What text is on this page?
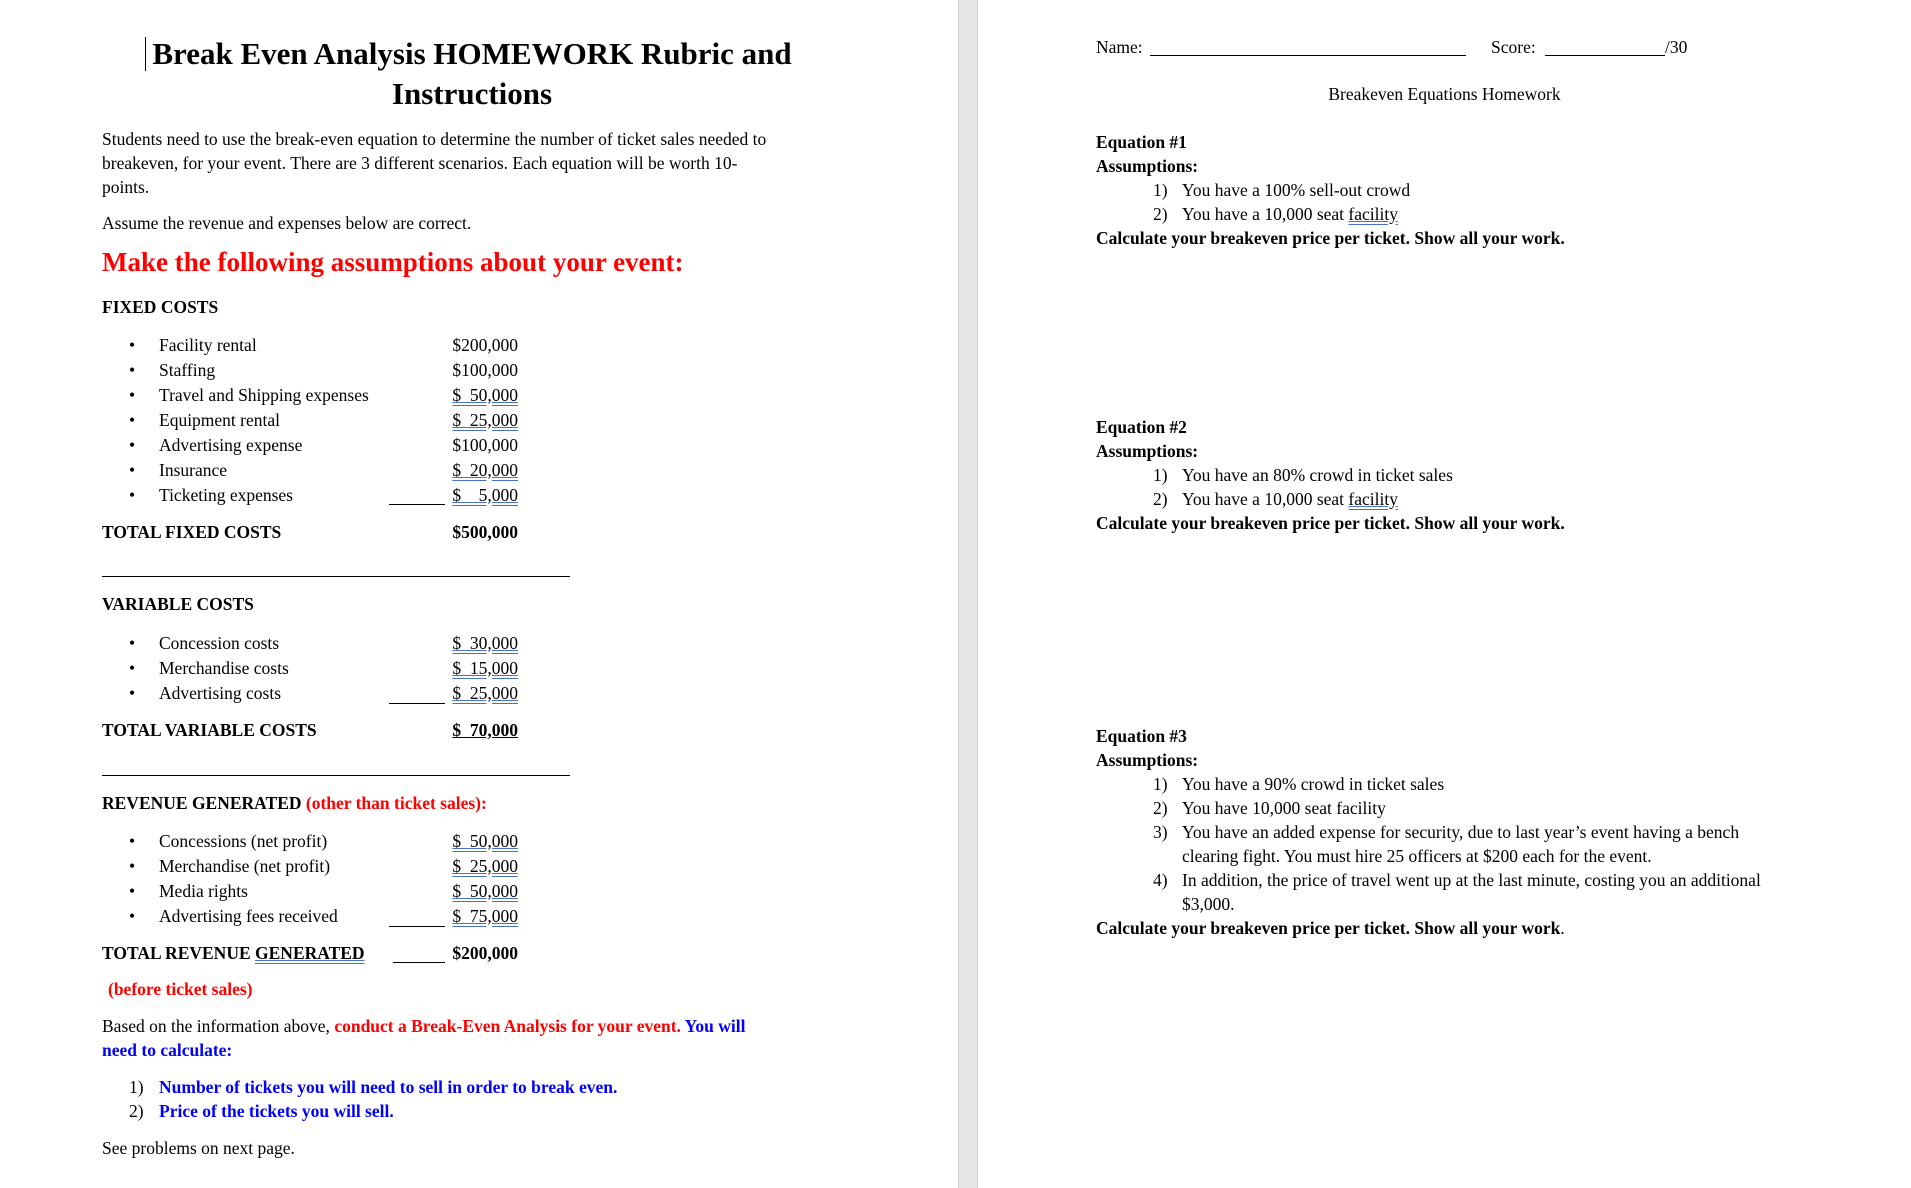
Break Even Analysis HOMEWORK Rubric and Instructions
Students need to use the break-even equation to determine the number of ticket sales needed to
breakeven, for your event. There are 3 different scenarios. Each equation will be worth 10-
points.
Assume the revenue and expenses below are correct.
Make the following assumptions about your event:
FIXED COSTS
• Facility rental	$200,000
• Staffing	$100,000
• Travel and Shipping expenses	$  50,000
• Equipment rental	$  25,000
• Advertising expense	$100,000
• Insurance	$  20,000
• Ticketing expenses	$    5,000
TOTAL FIXED COSTS	$500,000
VARIABLE COSTS
• Concession costs	$  30,000
• Merchandise costs	$  15,000
• Advertising costs	$  25,000
TOTAL VARIABLE COSTS	$  70,000
REVENUE GENERATED (other than ticket sales):
• Concessions (net profit)	$  50,000
• Merchandise (net profit)	$  25,000
• Media rights	$  50,000
• Advertising fees received	$  75,000
TOTAL REVENUE GENERATED	$200,000
(before ticket sales)
Based on the information above, conduct a Break-Even Analysis for your event. You will
need to calculate:
1) Number of tickets you will need to sell in order to break even.
2) Price of the tickets you will sell.
See problems on next page.
Name:	Score:	/30
Breakeven Equations Homework
Equation #1
Assumptions:
1) You have a 100% sell-out crowd
2) You have a 10,000 seat facility
Calculate your breakeven price per ticket. Show all your work.
Equation #2
Assumptions:
1) You have an 80% crowd in ticket sales
2) You have a 10,000 seat facility
Calculate your breakeven price per ticket. Show all your work.
Equation #3
Assumptions:
1) You have a 90% crowd in ticket sales
2) You have 10,000 seat facility
3) You have an added expense for security, due to last year’s event having a bench
clearing fight. You must hire 25 officers at $200 each for the event.
4) In addition, the price of travel went up at the last minute, costing you an additional
$3,000.
Calculate your breakeven price per ticket. Show all your work.
